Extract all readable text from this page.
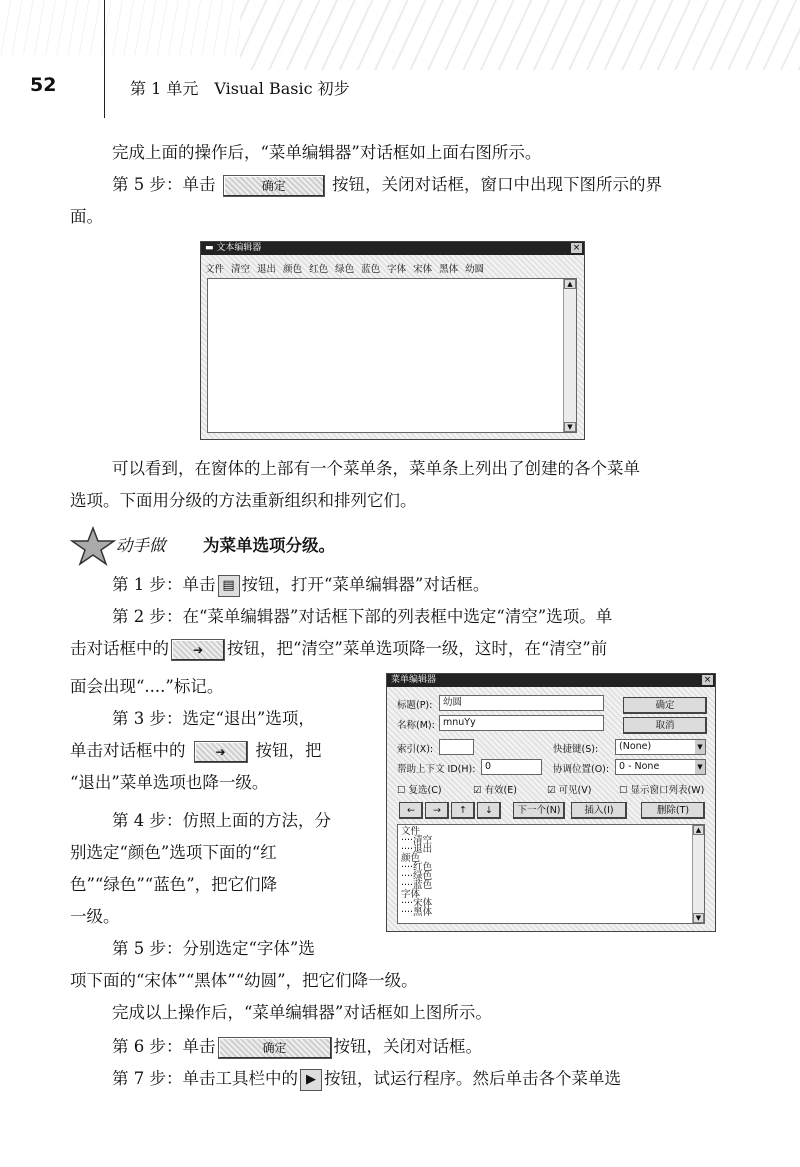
52	第 1 单元　Visual Basic 初步
完成上面的操作后，“菜单编辑器”对话框如上面右图所示。
第 5 步：单击	确定	按钮，关闭对话框，窗口中出现下图所示的界
面。
▬ 文本编辑器	×
文件 清空 退出 颜色 红色 绿色 蓝色 字体 宋体 黑体 幼圆
▲
▼
可以看到，在窗体的上部有一个菜单条，菜单条上列出了创建的各个菜单
选项。下面用分级的方法重新组织和排列它们。
动手做 为菜单选项分级。
第 1 步：单击 ▤ 按钮，打开“菜单编辑器”对话框。
第 2 步：在“菜单编辑器”对话框下部的列表框中选定“清空”选项。单
击对话框中的 ➔ 按钮，把“清空”菜单选项降一级，这时，在“清空”前
面会出现“....”标记。
第 3 步：选定“退出”选项，
单击对话框中的 ➔ 按钮，把
“退出”菜单选项也降一级。
第 4 步：仿照上面的方法，分
别选定“颜色”选项下面的“红
色”“绿色”“蓝色”，把它们降
一级。
第 5 步：分别选定“字体”选
项下面的“宋体”“黑体”“幼圆”，把它们降一级。
完成以上操作后，“菜单编辑器”对话框如上图所示。
第 6 步：单击	确定	按钮，关闭对话框。
第 7 步：单击工具栏中的 ▶ 按钮，试运行程序。然后单击各个菜单选
菜单编辑器	×
标题(P):	幼圆
名称(M): mnuYy
确定
取消
索引(X):	快捷键(S):	(None)	▼
帮助上下文 ID(H):	0	协调位置(O):	0 - None	▼
☐ 复选(C)	☑ 有效(E)	☑ 可见(V)	☐ 显示窗口列表(W)
←	→	↑	↓	下一个(N)	插入(I)	删除(T)
文件
····清空
····退出
颜色
····红色
····绿色
····蓝色
字体
····宋体
····黑体
▲
▼
